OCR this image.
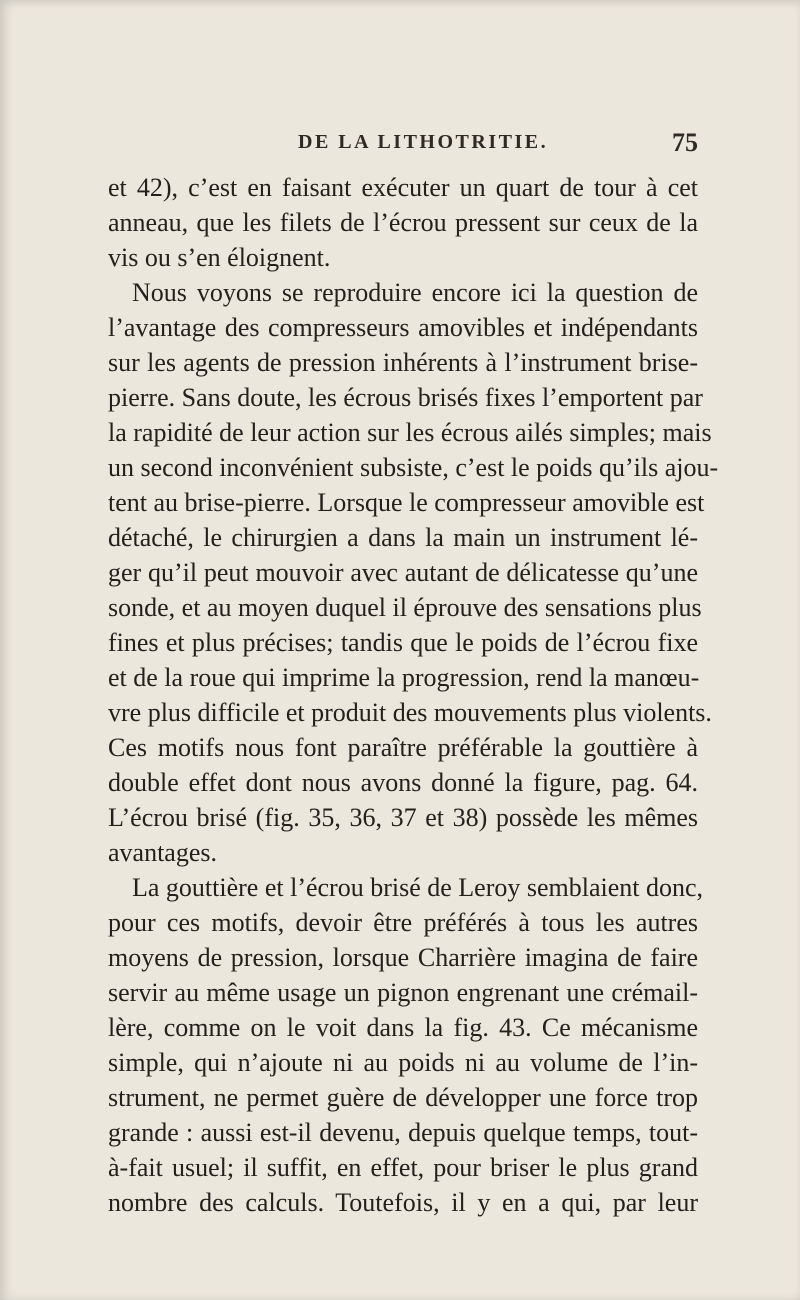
DE LA LITHOTRITIE.	75
et 42), c’est en faisant exécuter un quart de tour à cet
anneau, que les filets de l’écrou pressent sur ceux de la
vis ou s’en éloignent.
Nous voyons se reproduire encore ici la question de
l’avantage des compresseurs amovibles et indépendants
sur les agents de pression inhérents à l’instrument brise-
pierre. Sans doute, les écrous brisés fixes l’emportent par
la rapidité de leur action sur les écrous ailés simples; mais
un second inconvénient subsiste, c’est le poids qu’ils ajou-
tent au brise-pierre. Lorsque le compresseur amovible est
détaché, le chirurgien a dans la main un instrument lé-
ger qu’il peut mouvoir avec autant de délicatesse qu’une
sonde, et au moyen duquel il éprouve des sensations plus
fines et plus précises; tandis que le poids de l’écrou fixe
et de la roue qui imprime la progression, rend la manœu-
vre plus difficile et produit des mouvements plus violents.
Ces motifs nous font paraître préférable la gouttière à
double effet dont nous avons donné la figure, pag. 64.
L’écrou brisé (fig. 35, 36, 37 et 38) possède les mêmes
avantages.
La gouttière et l’écrou brisé de Leroy semblaient donc,
pour ces motifs, devoir être préférés à tous les autres
moyens de pression, lorsque Charrière imagina de faire
servir au même usage un pignon engrenant une crémail-
lère, comme on le voit dans la fig. 43. Ce mécanisme
simple, qui n’ajoute ni au poids ni au volume de l’in-
strument, ne permet guère de développer une force trop
grande : aussi est-il devenu, depuis quelque temps, tout-
à-fait usuel; il suffit, en effet, pour briser le plus grand
nombre des calculs. Toutefois, il y en a qui, par leur
